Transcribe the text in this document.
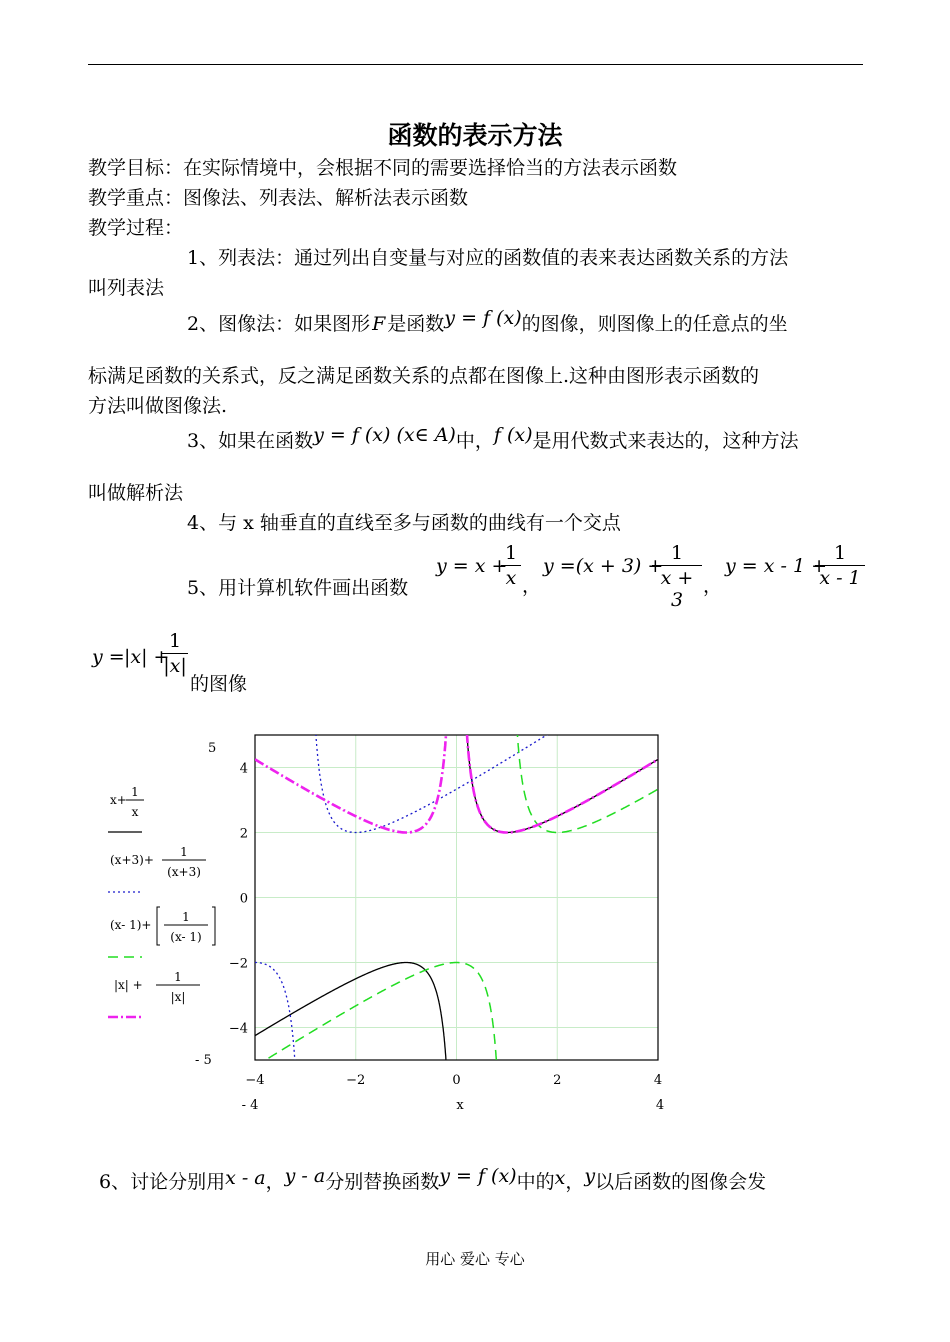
函数的表示方法
教学目标：在实际情境中，会根据不同的需要选择恰当的方法表示函数
教学重点：图像法、列表法、解析法表示函数
教学过程：
1、列表法：通过列出自变量与对应的函数值的表来表达函数关系的方法
叫列表法
2、图像法：如果图形 F 是函数y = f (x)的图像，则图像上的任意点的坐
标满足函数的关系式，反之满足函数关系的点都在图像上.这种由图形表示函数的
方法叫做图像法.
3、如果在函数y = f (x) (x∈ A)中，f (x)是用代数式来表达的，这种方法
叫做解析法
4、与 x 轴垂直的直线至多与函数的曲线有一个交点
5、用计算机软件画出函数
y = x +
$\frac{1}{x}$ ，
y =(x + 3) +
$\frac{1}{x + 3}$ ，
y = x - 1 +
$\frac{1}{x - 1}$
y = |x| +
$\frac{1}{|x|}$
的图像
5
4
2
0
−2
−4
- 5
−4	−2	0	2	4
- 4	x	4
x+
1
x
(x+3)+
1
(x+3)
(x- 1)+
1
(x- 1)
|x| +
1
|x|
6、讨论分别用x - a，y - a分别替换函数y = f (x)中的x，y以后函数的图像会发
用心 爱心 专心
